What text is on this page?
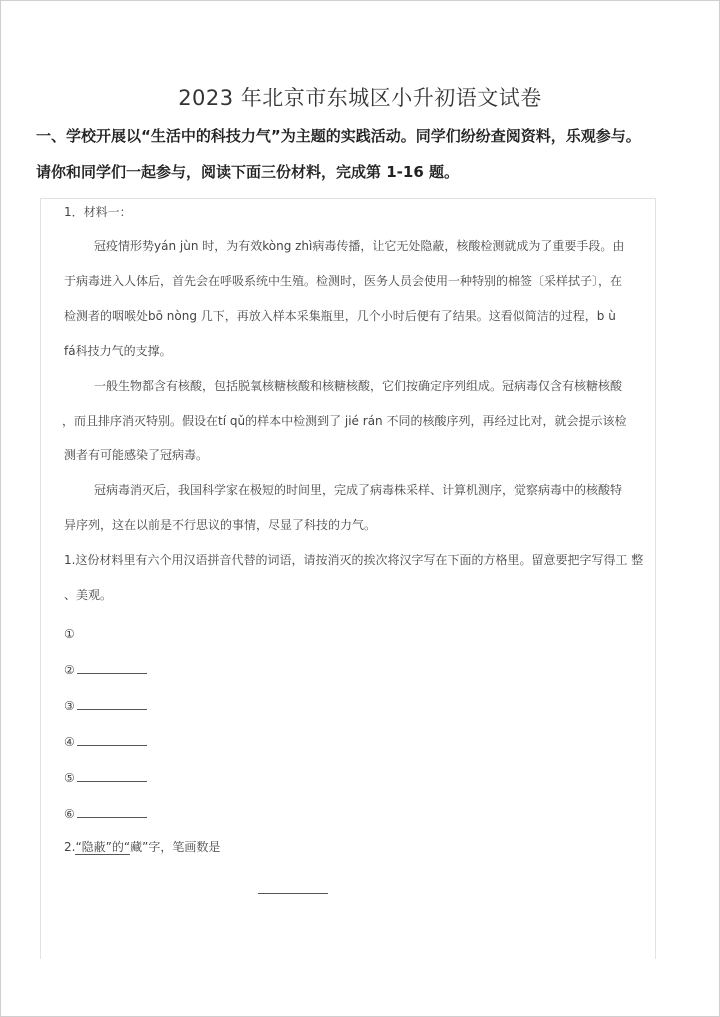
2023 年北京市东城区小升初语文试卷
一、学校开展以“生活中的科技力气”为主题的实践活动。同学们纷纷查阅资料，乐观参与。
请你和同学们一起参与，阅读下面三份材料，完成第 1-16 题。
1．材料一：
冠疫情形势yán jùn 时，为有效kòng zhì病毒传播，让它无处隐蔽，核酸检测就成为了重要手段。由
于病毒进入人体后，首先会在呼吸系统中生殖。检测时，医务人员会使用一种特别的棉签〔采样拭子〕，在
检测者的咽喉处bō nòng 几下，再放入样本采集瓶里，几个小时后便有了结果。这看似简洁的过程，b ù
fá科技力气的支撑。
一般生物都含有核酸，包括脱氧核糖核酸和核糖核酸，它们按确定序列组成。冠病毒仅含有核糖核酸
，而且排序消灭特别。假设在tí qǔ的样本中检测到了 jié rán 不同的核酸序列，再经过比对，就会提示该检
测者有可能感染了冠病毒。
冠病毒消灭后，我国科学家在极短的时间里，完成了病毒株采样、计算机测序，觉察病毒中的核酸特
异序列，这在以前是不行思议的事情，尽显了科技的力气。
1.这份材料里有六个用汉语拼音代替的词语，请按消灭的挨次将汉字写在下面的方格里。留意要把字写得工 整
、美观。
①
②
③
④
⑤
⑥
2.“隐蔽”的“藏”字，笔画数是
